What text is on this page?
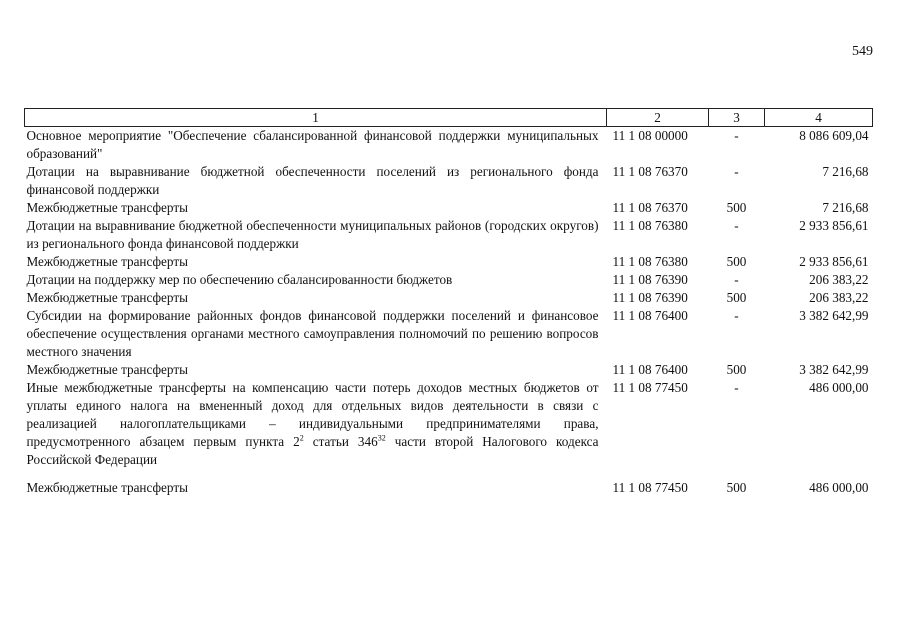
549
1	2	3	4
Основное мероприятие "Обеспечение сбалансированной финансовой поддержки муниципальных образований"	11 1 08 00000	-	8 086 609,04
Дотации на выравнивание бюджетной обеспеченности поселений из регионального фонда финансовой поддержки	11 1 08 76370	-	7 216,68
Межбюджетные трансферты	11 1 08 76370	500	7 216,68
Дотации на выравнивание бюджетной обеспеченности муниципальных районов (городских округов) из регионального фонда финансовой поддержки	11 1 08 76380	-	2 933 856,61
Межбюджетные трансферты	11 1 08 76380	500	2 933 856,61
Дотации на поддержку мер по обеспечению сбалансированности бюджетов	11 1 08 76390	-	206 383,22
Межбюджетные трансферты	11 1 08 76390	500	206 383,22
Субсидии на формирование районных фондов финансовой поддержки поселений и финансовое обеспечение осуществления органами местного самоуправления полномочий по решению вопросов местного значения	11 1 08 76400	-	3 382 642,99
Межбюджетные трансферты	11 1 08 76400	500	3 382 642,99
Иные межбюджетные трансферты на компенсацию части потерь доходов местных бюджетов от уплаты единого налога на вмененный доход для отдельных видов деятельности в связи с реализацией налогоплательщиками – индивидуальными предпринимателями права, предусмотренного абзацем первым пункта $2^2$ статьи $346^{32}$ части второй Налогового кодекса Российской Федерации	11 1 08 77450	-	486 000,00
Межбюджетные трансферты	11 1 08 77450	500	486 000,00
